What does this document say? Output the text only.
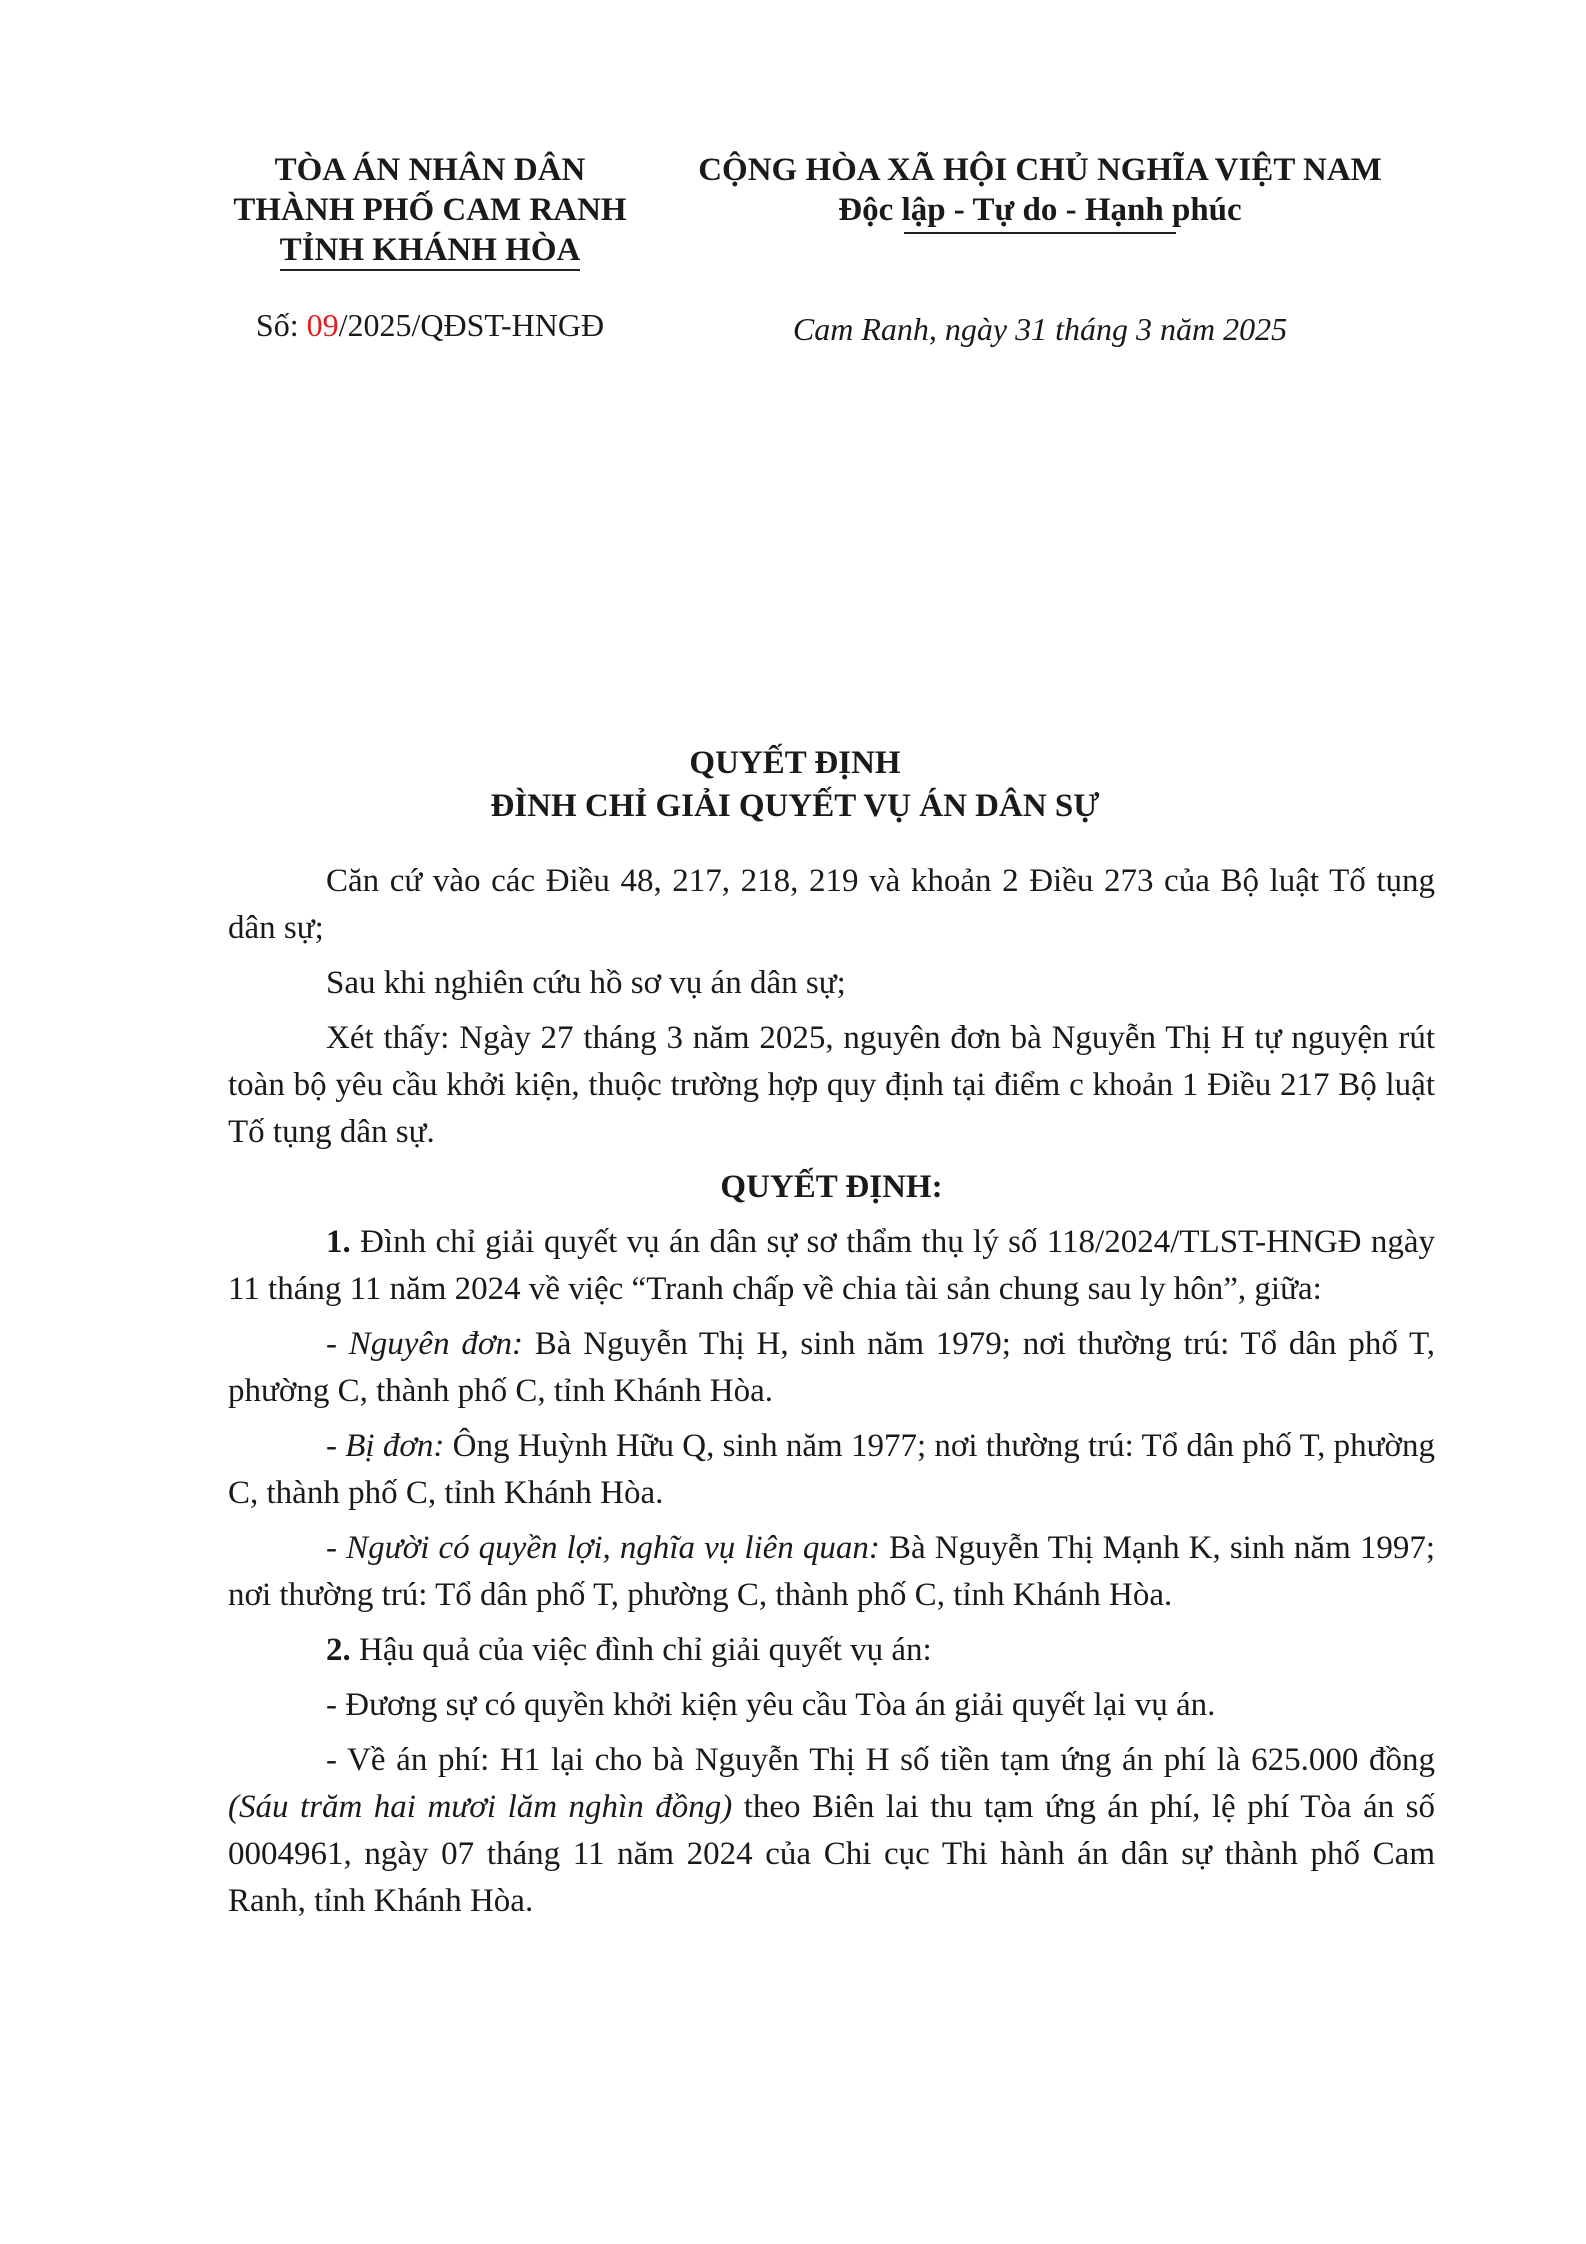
TÒA ÁN NHÂN DÂN
THÀNH PHỐ CAM RANH
TỈNH KHÁNH HÒA
CỘNG HÒA XÃ HỘI CHỦ NGHĨA VIỆT NAM
Độc lập - Tự do - Hạnh phúc
Số: 09/2025/QĐST-HNGĐ	Cam Ranh, ngày 31 tháng 3 năm 2025
QUYẾT ĐỊNH
ĐÌNH CHỈ GIẢI QUYẾT VỤ ÁN DÂN SỰ

Căn cứ vào các Điều 48, 217, 218, 219 và khoản 2 Điều 273 của Bộ luật Tố tụng dân sự;

Sau khi nghiên cứu hồ sơ vụ án dân sự;

Xét thấy: Ngày 27 tháng 3 năm 2025, nguyên đơn bà Nguyễn Thị H tự nguyện rút toàn bộ yêu cầu khởi kiện, thuộc trường hợp quy định tại điểm c khoản 1 Điều 217 Bộ luật Tố tụng dân sự.

QUYẾT ĐỊNH:

1. Đình chỉ giải quyết vụ án dân sự sơ thẩm thụ lý số 118/2024/TLST-HNGĐ ngày 11 tháng 11 năm 2024 về việc “Tranh chấp về chia tài sản chung sau ly hôn”, giữa:

- Nguyên đơn: Bà Nguyễn Thị H, sinh năm 1979; nơi thường trú: Tổ dân phố T, phường C, thành phố C, tỉnh Khánh Hòa.

- Bị đơn: Ông Huỳnh Hữu Q, sinh năm 1977; nơi thường trú: Tổ dân phố T, phường C, thành phố C, tỉnh Khánh Hòa.

- Người có quyền lợi, nghĩa vụ liên quan: Bà Nguyễn Thị Mạnh K, sinh năm 1997; nơi thường trú: Tổ dân phố T, phường C, thành phố C, tỉnh Khánh Hòa.

2. Hậu quả của việc đình chỉ giải quyết vụ án:

- Đương sự có quyền khởi kiện yêu cầu Tòa án giải quyết lại vụ án.

- Về án phí: H1 lại cho bà Nguyễn Thị H số tiền tạm ứng án phí là 625.000 đồng (Sáu trăm hai mươi lăm nghìn đồng) theo Biên lai thu tạm ứng án phí, lệ phí Tòa án số 0004961, ngày 07 tháng 11 năm 2024 của Chi cục Thi hành án dân sự thành phố Cam Ranh, tỉnh Khánh Hòa.
